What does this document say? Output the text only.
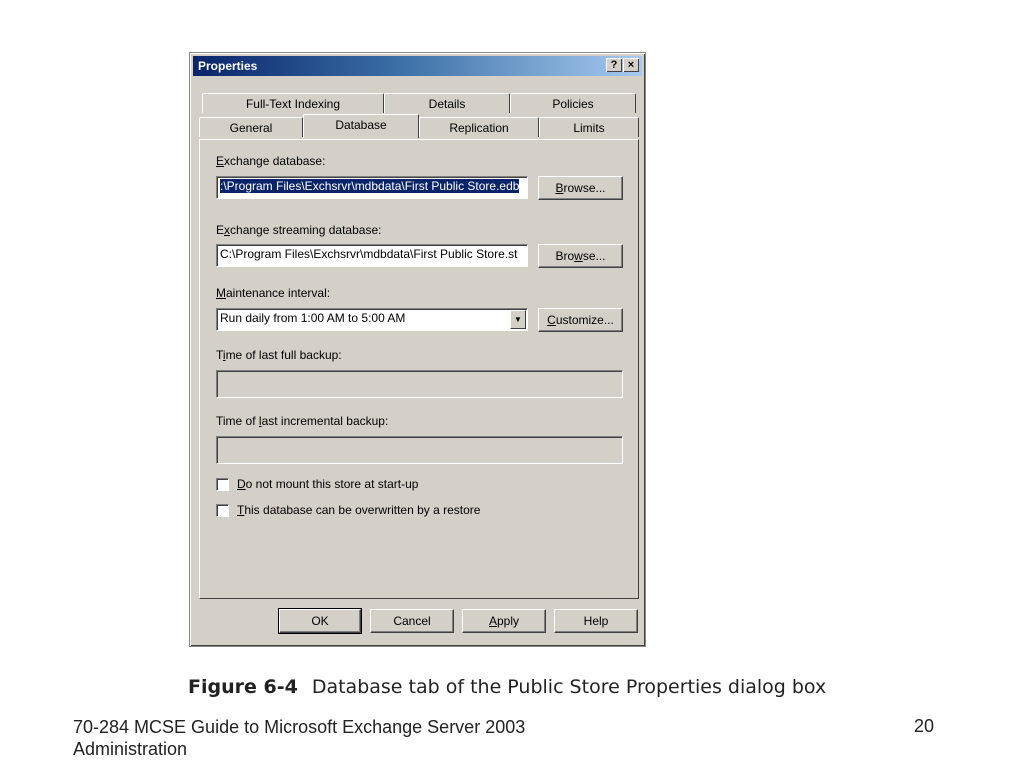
Properties	? ×
Full-Text Indexing	Details	Policies
General	Database	Replication	Limits
Exchange database:
:\Program Files\Exchsrvr\mdbdata\First Public Store.edb	Browse...
Exchange streaming database:
C:\Program Files\Exchsrvr\mdbdata\First Public Store.st	Browse...
Maintenance interval:
Run daily from 1:00 AM to 5:00 AM	▼	Customize...
Time of last full backup:
Time of last incremental backup:
Do not mount this store at start-up
This database can be overwritten by a restore
OK	Cancel	Apply	Help
Figure 6-4 Database tab of the Public Store Properties dialog box
70-284 MCSE Guide to Microsoft Exchange Server 2003
Administration
20
